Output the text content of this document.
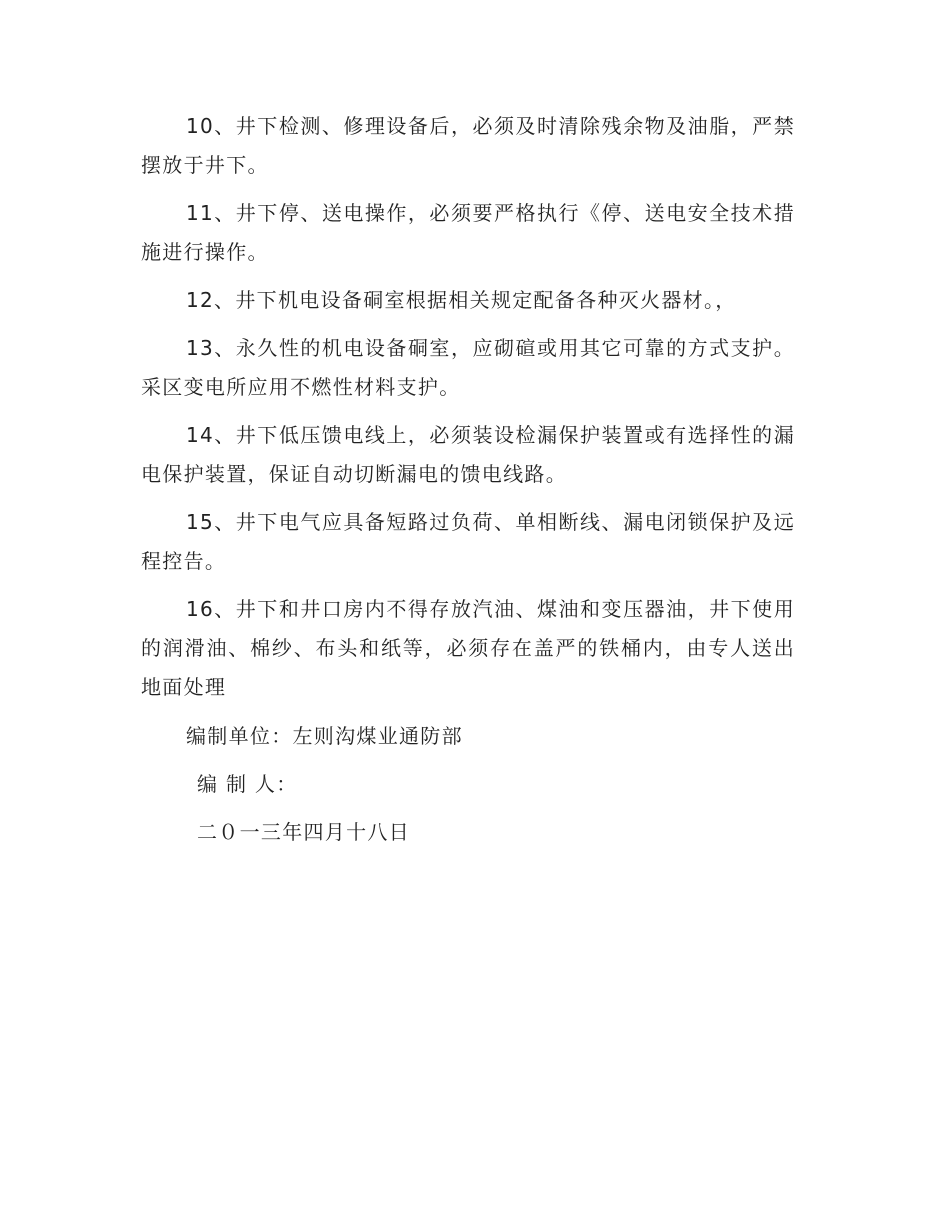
10、井下检测、修理设备后，必须及时清除残余物及油脂，严禁摆放于井下。

11、井下停、送电操作，必须要严格执行《停、送电安全技术措施进行操作。

12、井下机电设备硐室根据相关规定配备各种灭火器材。，

13、永久性的机电设备硐室，应砌碹或用其它可靠的方式支护。采区变电所应用不燃性材料支护。

14、井下低压馈电线上，必须装设检漏保护装置或有选择性的漏电保护装置，保证自动切断漏电的馈电线路。

15、井下电气应具备短路过负荷、单相断线、漏电闭锁保护及远程控告。

16、井下和井口房内不得存放汽油、煤油和变压器油，井下使用的润滑油、棉纱、布头和纸等，必须存在盖严的铁桶内，由专人送出地面处理

编制单位：左则沟煤业通防部

编 制 人：

二０一三年四月十八日
